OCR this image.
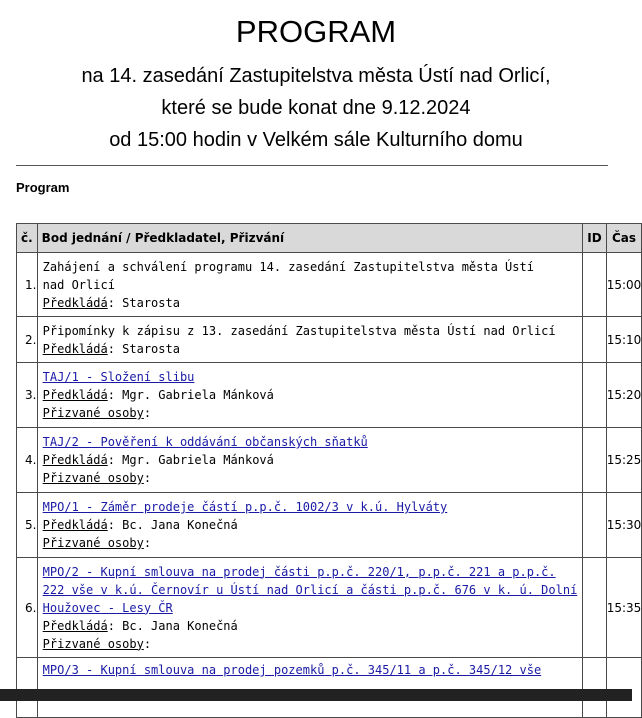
PROGRAM
na 14. zasedání Zastupitelstva města Ústí nad Orlicí,
které se bude konat dne 9.12.2024
od 15:00 hodin v Velkém sále Kulturního domu
Program
č.	Bod jednání / Předkladatel, Přizvání	ID	Čas
1.	Zahájení a schválení programu 14. zasedání Zastupitelstva města Ústí
nad Orlicí
Předkládá: Starosta		15:00
2.	Připomínky k zápisu z 13. zasedání Zastupitelstva města Ústí nad Orlicí
Předkládá: Starosta		15:10
3.	TAJ/1 - Složení slibu
Předkládá: Mgr. Gabriela Mánková
Přizvané osoby:		15:20
4.	TAJ/2 - Pověření k oddávání občanských sňatků
Předkládá: Mgr. Gabriela Mánková
Přizvané osoby:		15:25
5.	MPO/1 - Záměr prodeje částí p.p.č. 1002/3 v k.ú. Hylváty
Předkládá: Bc. Jana Konečná
Přizvané osoby:		15:30
6.	MPO/2 - Kupní smlouva na prodej části p.p.č. 220/1, p.p.č. 221 a p.p.č.
222 vše v k.ú. Černovír u Ústí nad Orlicí a části p.p.č. 676 v k. ú. Dolní
Houžovec - Lesy ČR
Předkládá: Bc. Jana Konečná
Přizvané osoby:		15:35

	MPO/3 - Kupní smlouva na prodej pozemků p.č. 345/11 a p.č. 345/12 vše		
